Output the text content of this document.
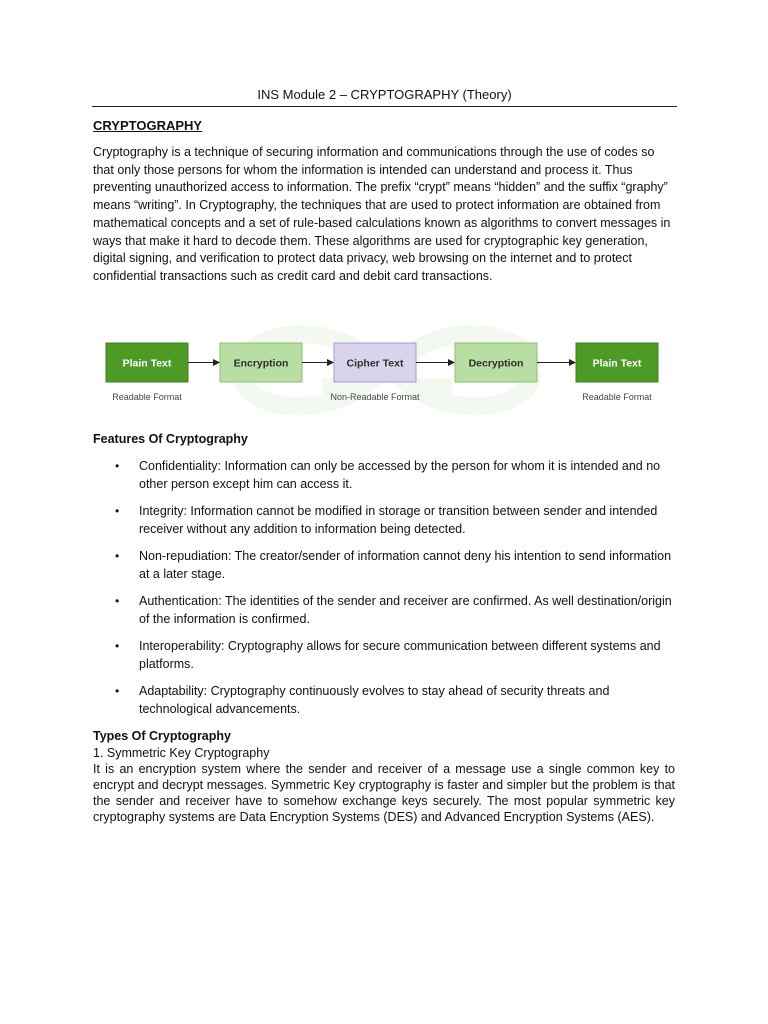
INS Module 2 – CRYPTOGRAPHY (Theory)
CRYPTOGRAPHY

Cryptography is a technique of securing information and communications through the use of codes so that only those persons for whom the information is intended can understand and process it. Thus preventing unauthorized access to information. The prefix “crypt” means “hidden” and the suffix “graphy” means “writing”. In Cryptography, the techniques that are used to protect information are obtained from mathematical concepts and a set of rule-based calculations known as algorithms to convert messages in ways that make it hard to decode them. These algorithms are used for cryptographic key generation, digital signing, and verification to protect data privacy, web browsing on the internet and to protect confidential transactions such as credit card and debit card transactions.

Plain Text	Encryption	Cipher Text	Decryption	Plain Text
Readable Format	Non-Readable Format	Readable Format
Features Of Cryptography
• Confidentiality: Information can only be accessed by the person for whom it is intended and no other person except him can access it.
• Integrity: Information cannot be modified in storage or transition between sender and intended receiver without any addition to information being detected.
• Non-repudiation: The creator/sender of information cannot deny his intention to send information at a later stage.
• Authentication: The identities of the sender and receiver are confirmed. As well destination/origin of the information is confirmed.
• Interoperability: Cryptography allows for secure communication between different systems and platforms.
• Adaptability: Cryptography continuously evolves to stay ahead of security threats and technological advancements.
Types Of Cryptography
1. Symmetric Key Cryptography

It is an encryption system where the sender and receiver of a message use a single common key to encrypt and decrypt messages. Symmetric Key cryptography is faster and simpler but the problem is that the sender and receiver have to somehow exchange keys securely. The most popular symmetric key cryptography systems are Data Encryption Systems (DES) and Advanced Encryption Systems (AES).
